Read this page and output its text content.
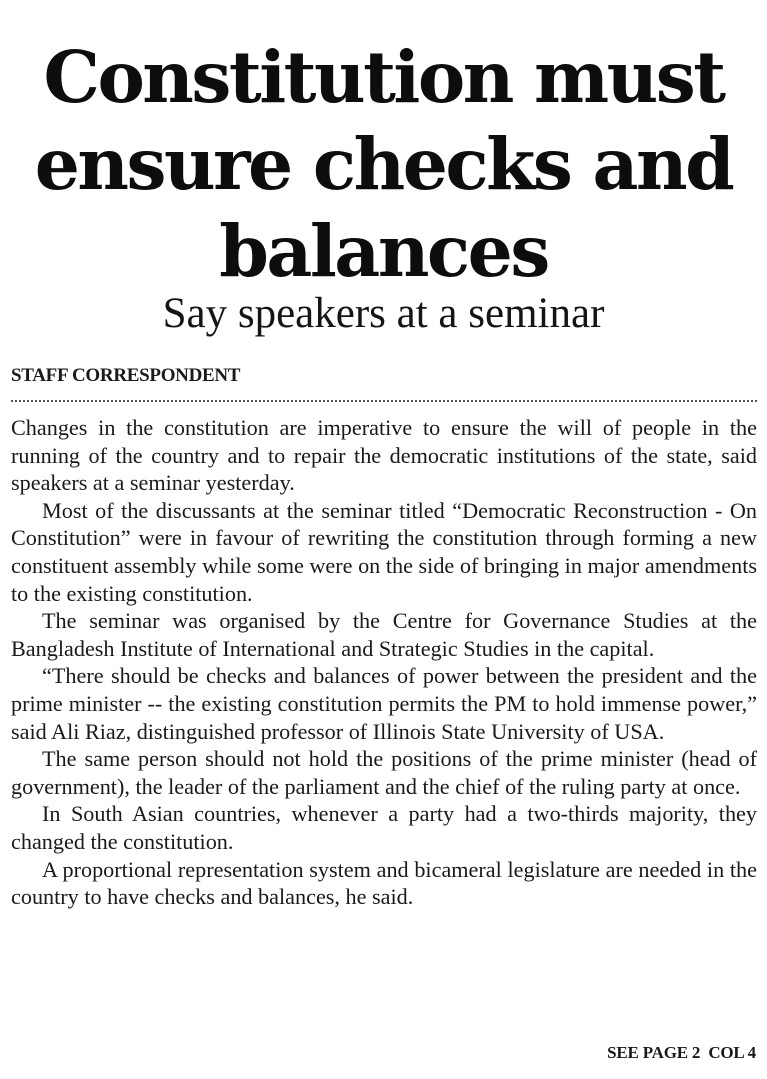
Constitution must
ensure checks and
balances
Say speakers at a seminar
STAFF CORRESPONDENT

Changes in the constitution are imperative to ensure the will of people in the running of the country and to repair the democratic institutions of the state, said speakers at a seminar yesterday.

Most of the discussants at the seminar titled “Democratic Reconstruction - On Constitution” were in favour of rewriting the constitution through forming a new constituent assembly while some were on the side of bringing in major amendments to the existing constitution.

The seminar was organised by the Centre for Governance Studies at the Bangladesh Institute of International and Strategic Studies in the capital.

“There should be checks and balances of power between the president and the prime minister -- the existing constitution permits the PM to hold immense power,” said Ali Riaz, distinguished professor of Illinois State University of USA.

The same person should not hold the positions of the prime minister (head of government), the leader of the parliament and the chief of the ruling party at once.

In South Asian countries, whenever a party had a two-thirds majority, they changed the constitution.

A proportional representation system and bicameral legislature are needed in the country to have checks and balances, he said.

SEE PAGE 2  COL 4
